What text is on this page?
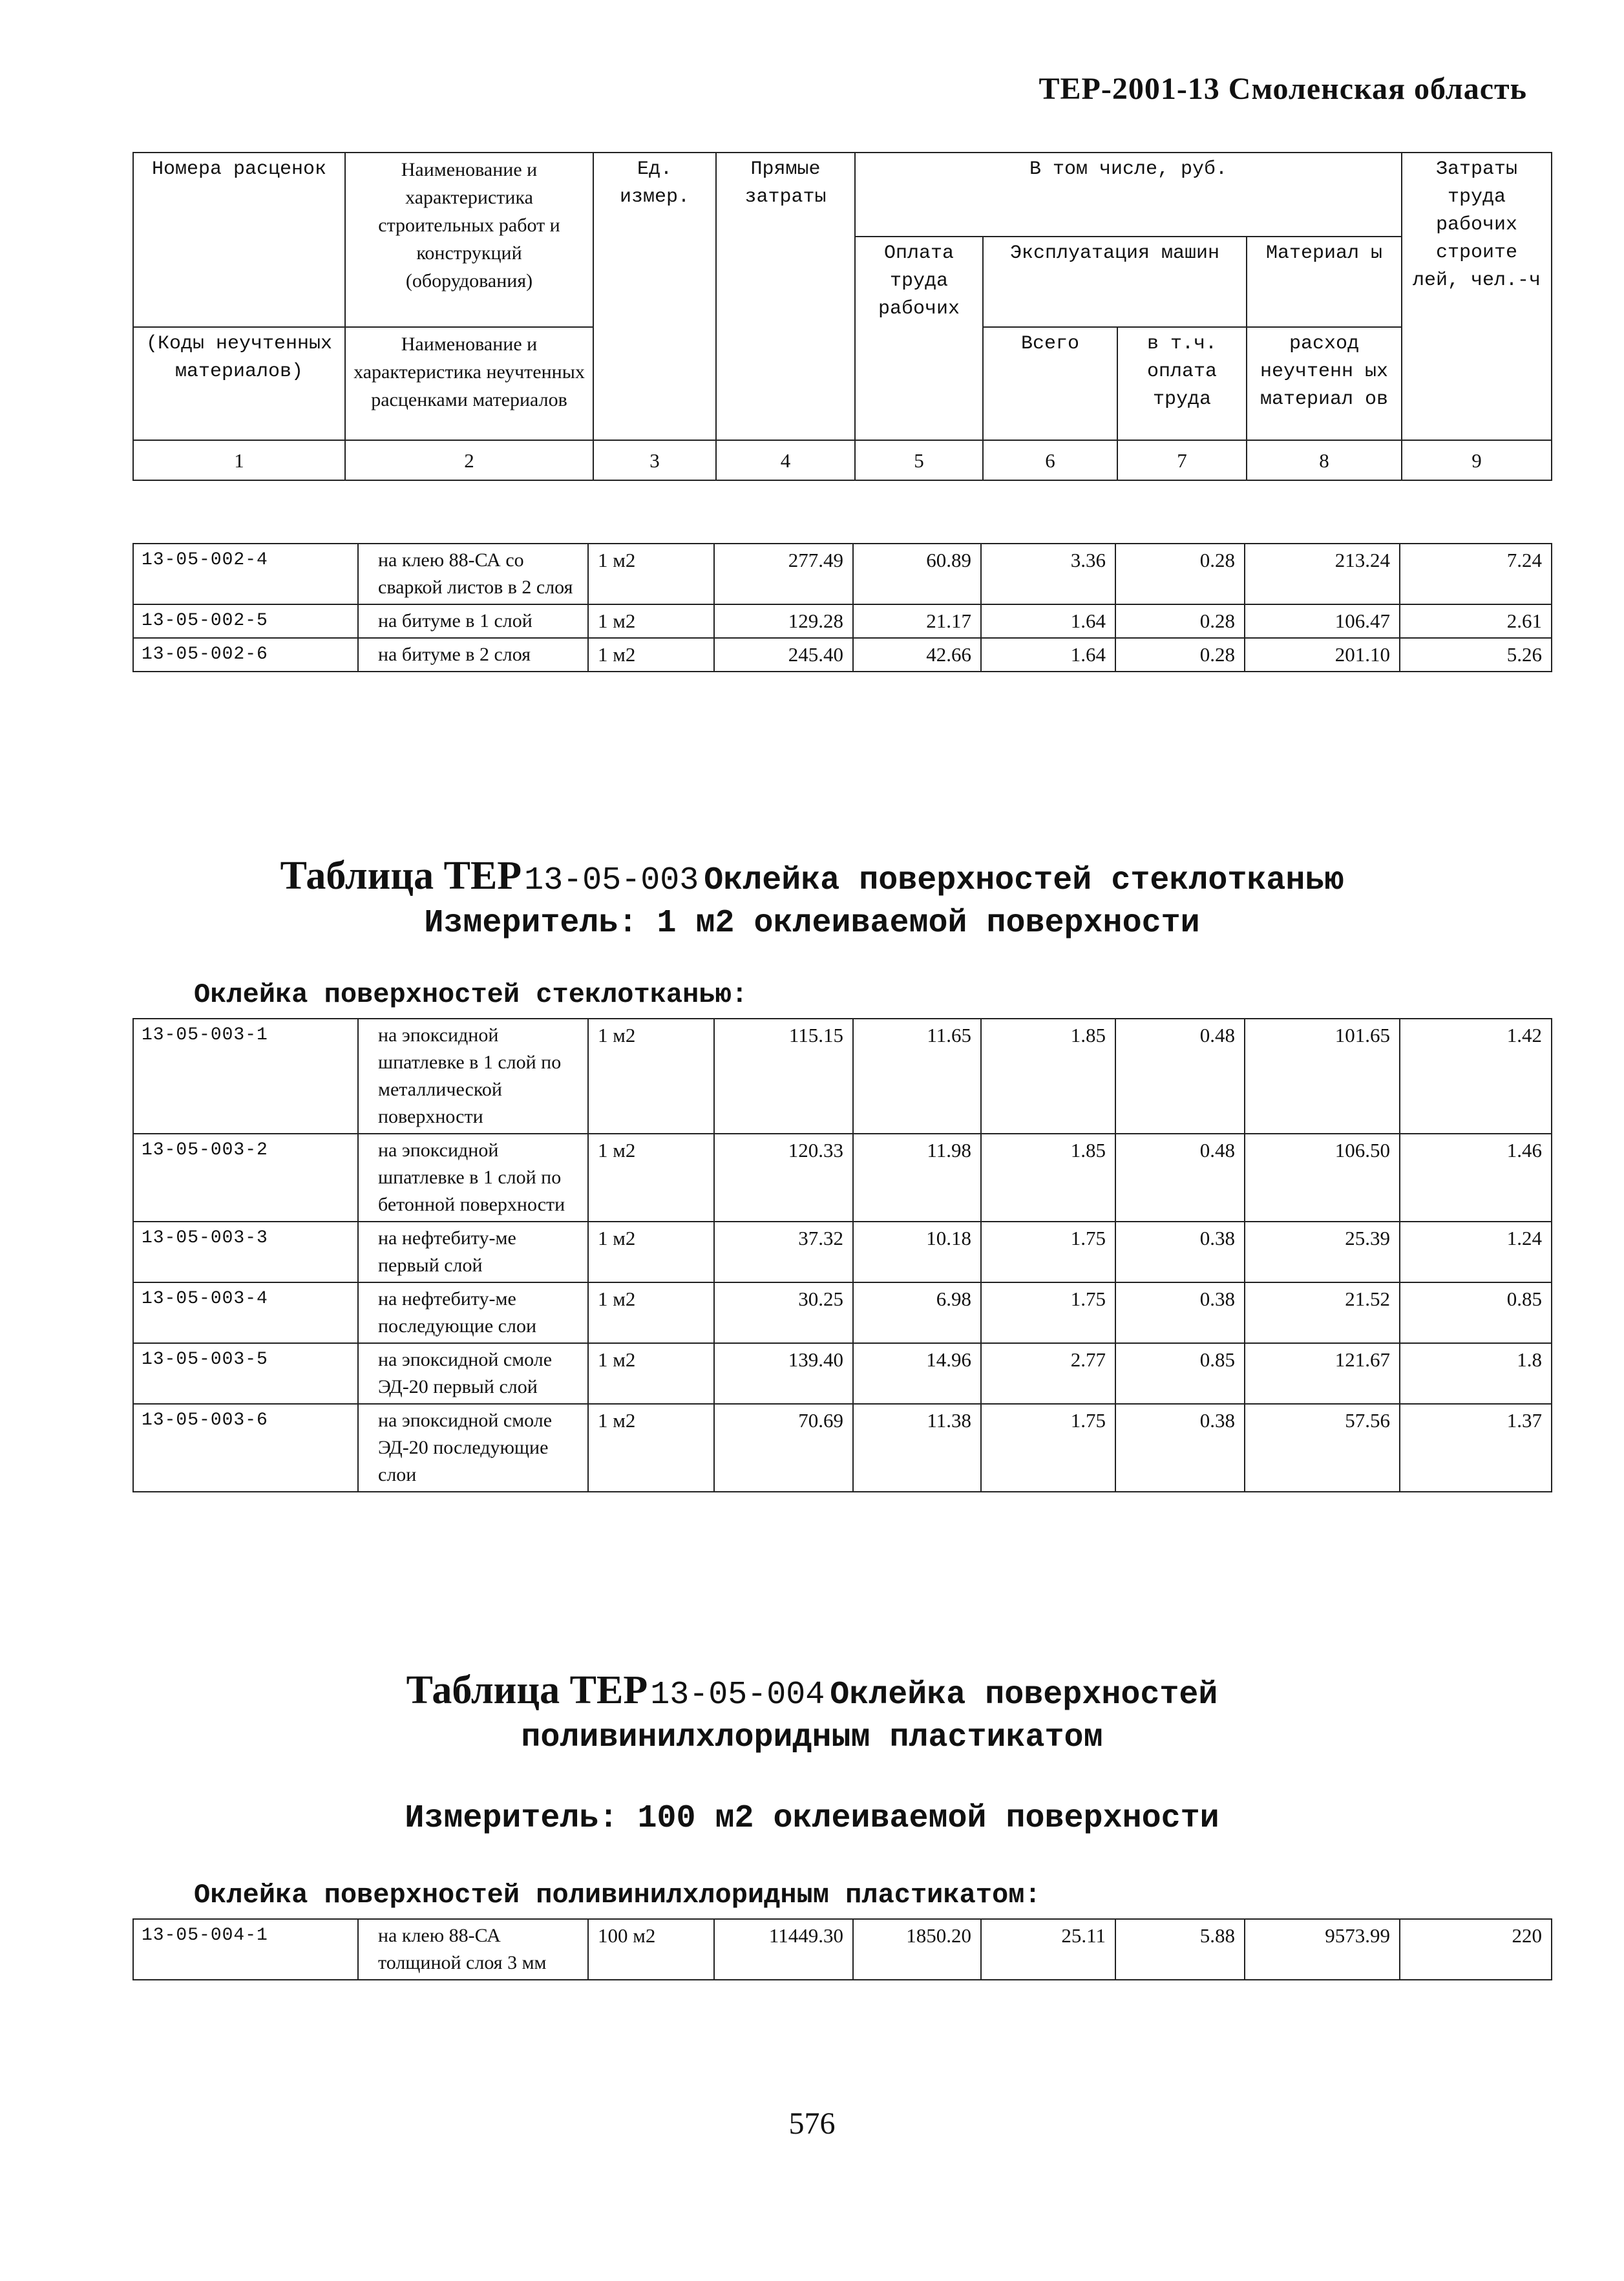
ТЕР-2001-13 Смоленская область
Номера расценок	Наименование и характеристика строительных работ и конструкций (оборудования)	Ед. измер.	Прямые затраты	В том числе, руб.				Затраты труда рабочих строите лей, чел.-ч
				Оплата труда рабочих	Эксплуатация машин		Материал ы	
(Коды неучтенных материалов)	Наименование и характеристика неучтенных расценками материалов							
					Всего	в т.ч. оплата труда	расход неучтенн ых материал ов	
1	2	3	4	5	6	7	8	9
13-05-002-4	на клею 88-СА со сваркой листов в 2 слоя	1 м2	277.49	60.89	3.36	0.28	213.24	7.24
13-05-002-5	на битуме в 1 слой	1 м2	129.28	21.17	1.64	0.28	106.47	2.61
13-05-002-6	на битуме в 2 слоя	1 м2	245.40	42.66	1.64	0.28	201.10	5.26
Таблица ТЕР 13-05-003 Оклейка поверхностей стеклотканью
Измеритель: 1 м2 оклеиваемой поверхности
Оклейка поверхностей стеклотканью:
13-05-003-1	на эпоксидной шпатлевке в 1 слой по металлической поверхности	1 м2	115.15	11.65	1.85	0.48	101.65	1.42
13-05-003-2	на эпоксидной шпатлевке в 1 слой по бетонной поверхности	1 м2	120.33	11.98	1.85	0.48	106.50	1.46
13-05-003-3	на нефтебиту-ме первый слой	1 м2	37.32	10.18	1.75	0.38	25.39	1.24
13-05-003-4	на нефтебиту-ме последующие слои	1 м2	30.25	6.98	1.75	0.38	21.52	0.85
13-05-003-5	на эпоксидной смоле ЭД-20 первый слой	1 м2	139.40	14.96	2.77	0.85	121.67	1.8
13-05-003-6	на эпоксидной смоле ЭД-20 последующие слои	1 м2	70.69	11.38	1.75	0.38	57.56	1.37
Таблица ТЕР 13-05-004 Оклейка поверхностей
поливинилхлоридным пластикатом
Измеритель: 100 м2 оклеиваемой поверхности
Оклейка поверхностей поливинилхлоридным пластикатом:
13-05-004-1	на клею 88-СА толщиной слоя 3 мм	100 м2	11449.30	1850.20	25.11	5.88	9573.99	220
576
